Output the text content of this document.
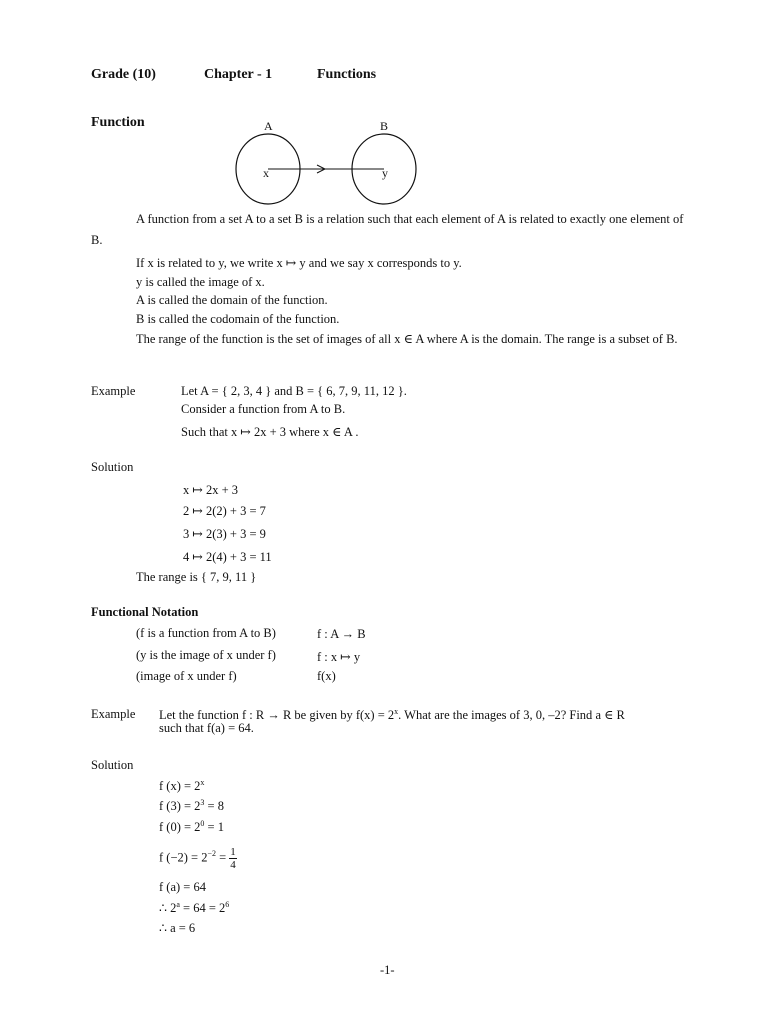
Grade (10)	Chapter - 1	Functions
Function	A	B
x	y
A function from a set A to a set B is a relation such that each element of A is related to exactly one element of B.
If x is related to y, we write x ↦ y and we say x corresponds to y.
y is called the image of x.
A is called the domain of the function.
B is called the codomain of the function.
The range of the function is the set of images of all x ∈ A where A is the domain. The range is a subset of B.
Example	Let A = { 2, 3, 4 } and B = { 6, 7, 9, 11, 12 }.
Consider a function from A to B.
Such that x ↦ 2x + 3 where x ∈ A .
Solution
x ↦ 2x + 3
2 ↦ 2(2) + 3 = 7
3 ↦ 2(3) + 3 = 9
4 ↦ 2(4) + 3 = 11
The range is { 7, 9, 11 }
Functional Notation
(f is a function from A to B)	f : A → B
(y is the image of x under f)	f : x ↦ y
(image of x under f)	f(x)
Example Let the function f : R → R be given by $f(x) = 2^x$. What are the images of 3, 0, –2? Find a ∈ R
such that f(a) = 64.
Solution
f $(x) = 2^x$
f $(3) = 2^3 = 8$
f $(0) = 2^0 = 1$
f $(-2) = 2^{-2} = \frac{1}{4}$
f (a) = 64
∴ $2^a = 64 = 2^6$
∴ a = 6
-1-
